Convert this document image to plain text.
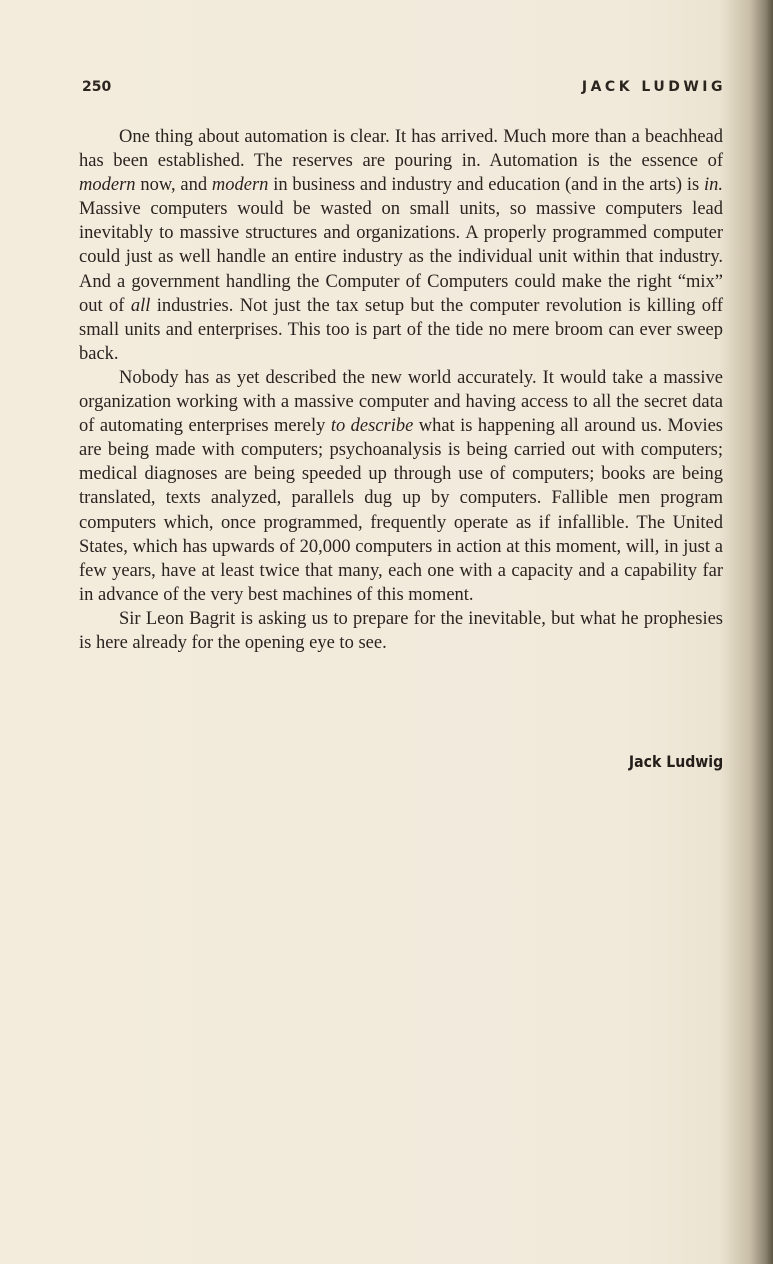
250	JACK LUDWIG

One thing about automation is clear. It has arrived. Much more than a beachhead has been established. The reserves are pouring in. Automation is the essence of modern now, and modern in business and industry and education (and in the arts) is in. Massive computers would be wasted on small units, so massive computers lead inevitably to massive structures and organizations. A properly programmed computer could just as well handle an entire industry as the individual unit within that industry. And a government handling the Computer of Computers could make the right “mix” out of all industries. Not just the tax setup but the computer revolution is killing off small units and enterprises. This too is part of the tide no mere broom can ever sweep back.

Nobody has as yet described the new world accurately. It would take a massive organization working with a massive computer and having access to all the secret data of automating enterprises merely to describe what is happening all around us. Movies are being made with computers; psychoanalysis is being carried out with computers; medical diagnoses are being speeded up through use of computers; books are being translated, texts analyzed, parallels dug up by computers. Fallible men program computers which, once programmed, frequently operate as if infallible. The United States, which has upwards of 20,000 computers in action at this moment, will, in just a few years, have at least twice that many, each one with a capacity and a capability far in advance of the very best machines of this moment.

Sir Leon Bagrit is asking us to prepare for the inevitable, but what he prophesies is here already for the opening eye to see.

Jack Ludwig
